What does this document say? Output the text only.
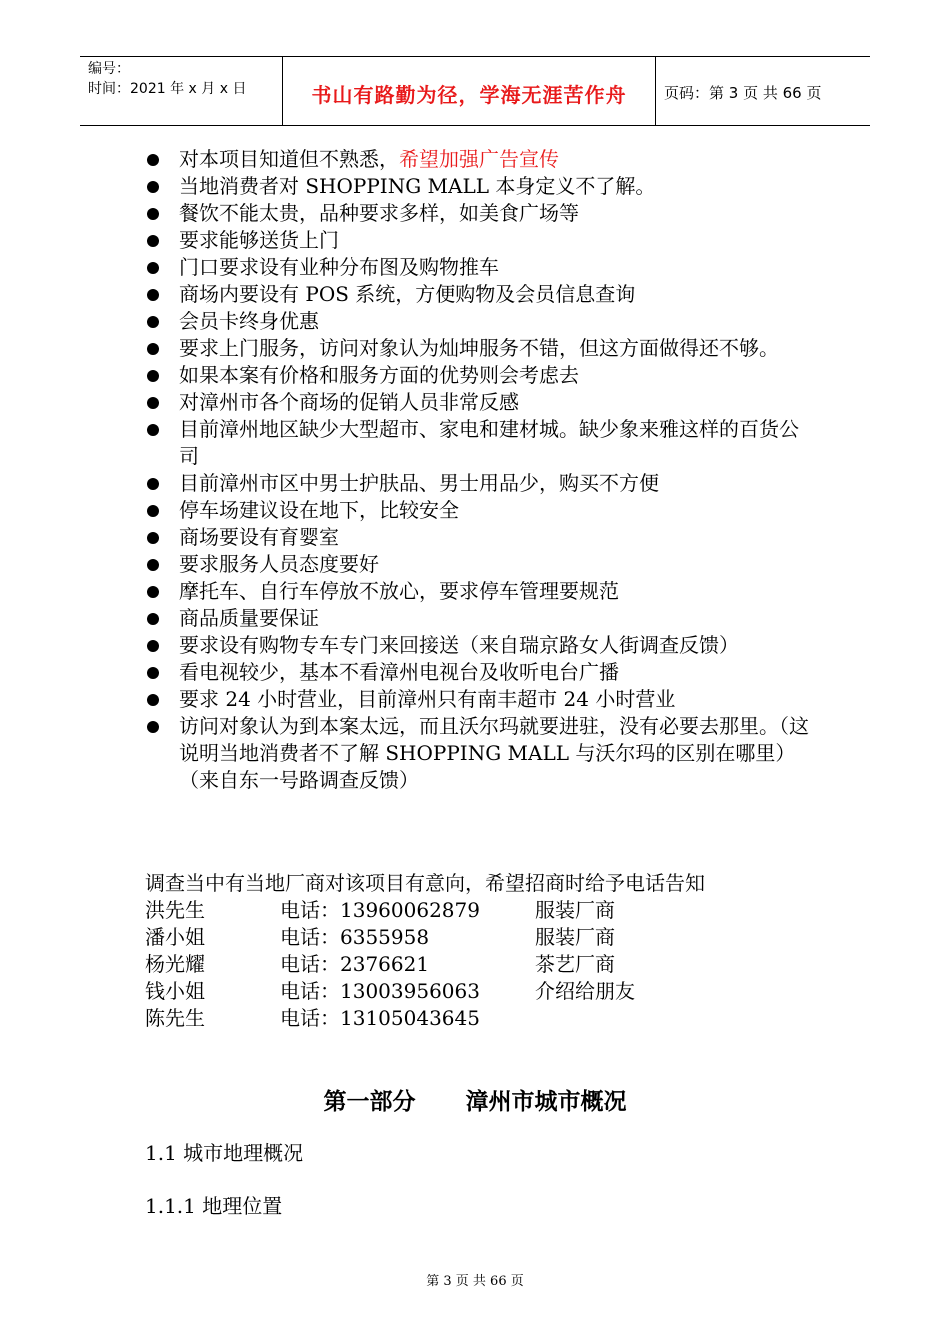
编号：
时间：2021 年 x 月 x 日	书山有路勤为径，学海无涯苦作舟	页码：第 3 页 共 66 页
对本项目知道但不熟悉，希望加强广告宣传
当地消费者对 SHOPPING MALL 本身定义不了解。
餐饮不能太贵，品种要求多样，如美食广场等
要求能够送货上门
门口要求设有业种分布图及购物推车
商场内要设有 POS 系统，方便购物及会员信息查询
会员卡终身优惠
要求上门服务，访问对象认为灿坤服务不错，但这方面做得还不够。
如果本案有价格和服务方面的优势则会考虑去
对漳州市各个商场的促销人员非常反感
目前漳州地区缺少大型超市、家电和建材城。缺少象来雅这样的百货公司
目前漳州市区中男士护肤品、男士用品少，购买不方便
停车场建议设在地下，比较安全
商场要设有育婴室
要求服务人员态度要好
摩托车、自行车停放不放心，要求停车管理要规范
商品质量要保证
要求设有购物专车专门来回接送（来自瑞京路女人街调查反馈）
看电视较少，基本不看漳州电视台及收听电台广播
要求 24 小时营业，目前漳州只有南丰超市 24 小时营业
访问对象认为到本案太远，而且沃尔玛就要进驻，没有必要去那里。（这说明当地消费者不了解 SHOPPING MALL 与沃尔玛的区别在哪里）（来自东一号路调查反馈）
调查当中有当地厂商对该项目有意向，希望招商时给予电话告知
洪先生	电话：13960062879	服装厂商
潘小姐	电话：6355958	服装厂商
杨光耀	电话：2376621	茶艺厂商
钱小姐	电话：13003956063	介绍给朋友
陈先生	电话：13105043645
第一部分 漳州市城市概况
1.1 城市地理概况
1.1.1 地理位置
第 3 页 共 66 页
